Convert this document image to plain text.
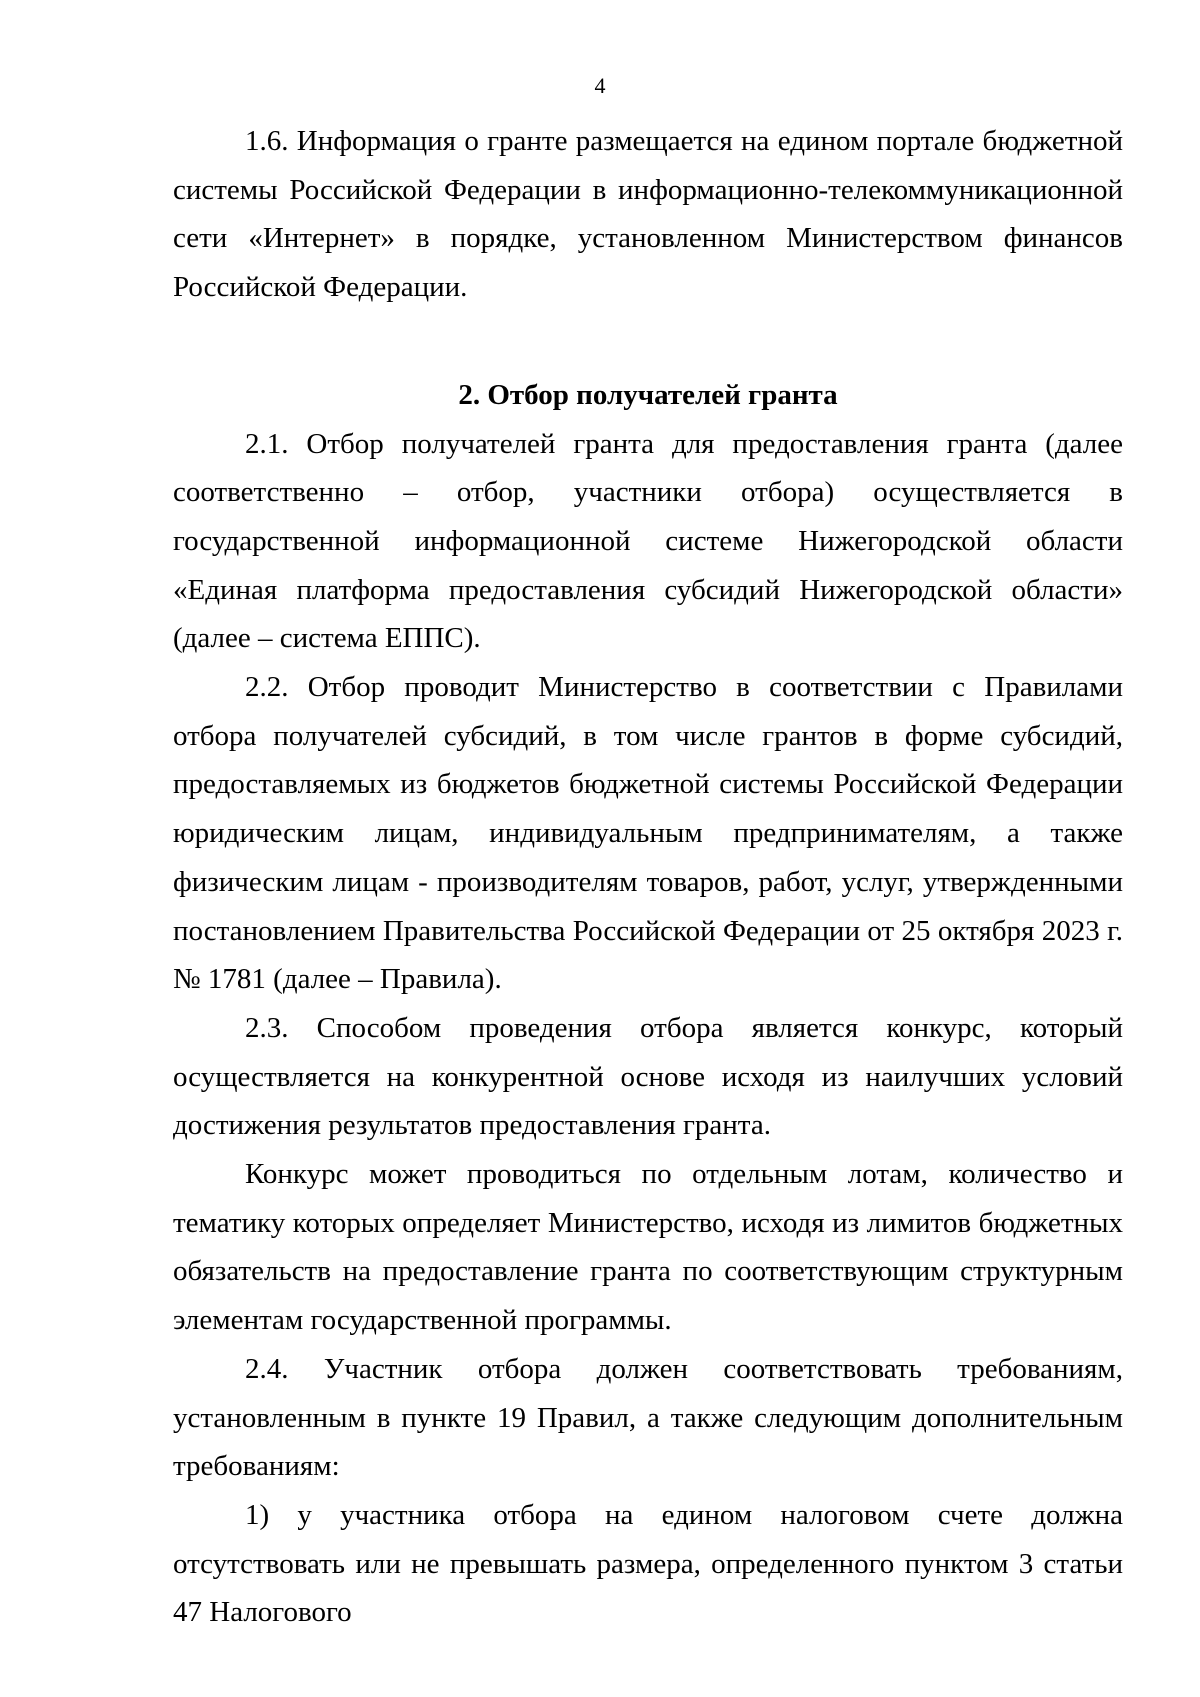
4

1.6. Информация о гранте размещается на едином портале бюджетной системы Российской Федерации в информационно-телекоммуникационной сети «Интернет» в порядке, установленном Министерством финансов Российской Федерации.

2. Отбор получателей гранта

2.1. Отбор получателей гранта для предоставления гранта (далее соответственно – отбор, участники отбора) осуществляется в государственной информационной системе Нижегородской области «Единая платформа предоставления субсидий Нижегородской области» (далее – система ЕППС).

2.2. Отбор проводит Министерство в соответствии с Правилами отбора получателей субсидий, в том числе грантов в форме субсидий, предоставляемых из бюджетов бюджетной системы Российской Федерации юридическим лицам, индивидуальным предпринимателям, а также физическим лицам - производителям товаров, работ, услуг, утвержденными постановлением Правительства Российской Федерации от 25 октября 2023 г. № 1781 (далее – Правила).

2.3. Способом проведения отбора является конкурс, который осуществляется на конкурентной основе исходя из наилучших условий достижения результатов предоставления гранта.

Конкурс может проводиться по отдельным лотам, количество и тематику которых определяет Министерство, исходя из лимитов бюджетных обязательств на предоставление гранта по соответствующим структурным элементам государственной программы.

2.4. Участник отбора должен соответствовать требованиям, установленным в пункте 19 Правил, а также следующим дополнительным требованиям:

1) у участника отбора на едином налоговом счете должна отсутствовать или не превышать размера, определенного пунктом 3 статьи 47 Налогового
